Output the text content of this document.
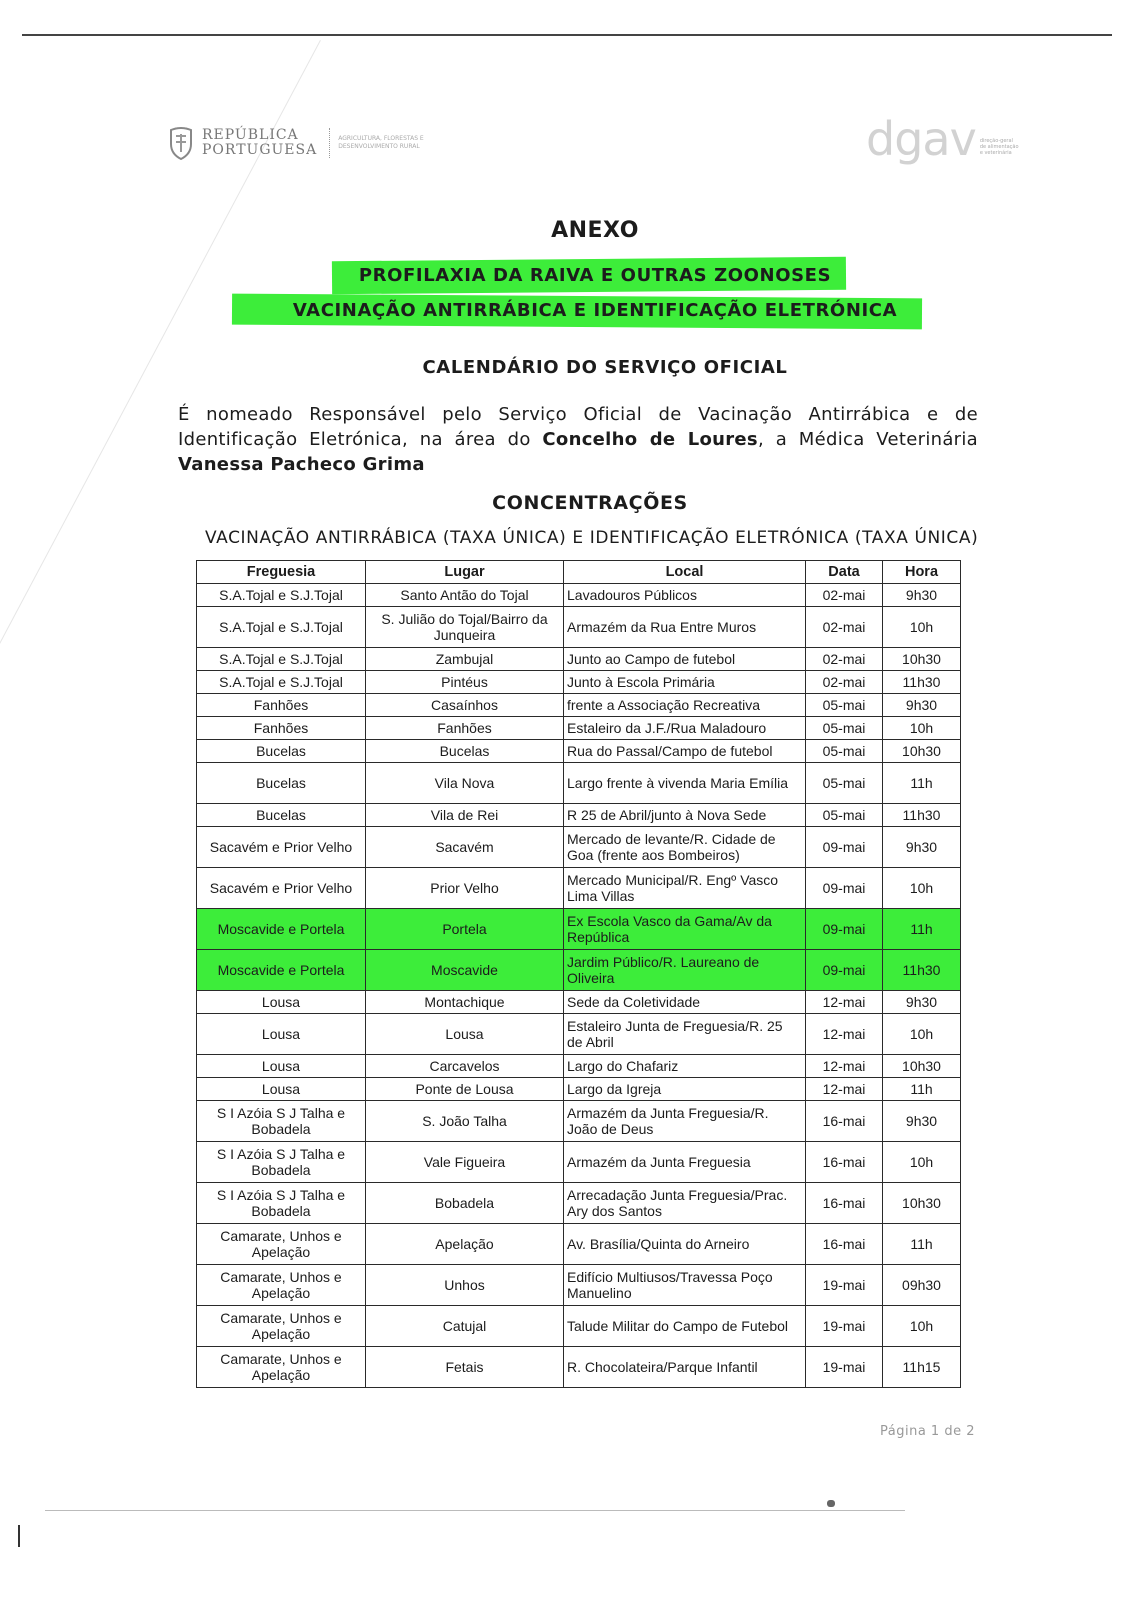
REPÚBLICA
PORTUGUESA
AGRICULTURA, FLORESTAS E DESENVOLVIMENTO RURAL	dgav direção-geral de alimentação e veterinária
ANEXO
PROFILAXIA DA RAIVA E OUTRAS ZOONOSES
VACINAÇÃO ANTIRRÁBICA E IDENTIFICAÇÃO ELETRÓNICA
CALENDÁRIO DO SERVIÇO OFICIAL
É nomeado Responsável pelo Serviço Oficial de Vacinação Antirrábica e de Identificação Eletrónica, na área do Concelho de Loures, a Médica Veterinária Vanessa Pacheco Grima
CONCENTRAÇÕES
VACINAÇÃO ANTIRRÁBICA (TAXA ÚNICA) E IDENTIFICAÇÃO ELETRÓNICA (TAXA ÚNICA)
Freguesia	Lugar	Local	Data	Hora
S.A.Tojal e S.J.Tojal	Santo Antão do Tojal	Lavadouros Públicos	02-mai	9h30
S.A.Tojal e S.J.Tojal	S. Julião do Tojal/Bairro da Junqueira	Armazém da Rua Entre Muros	02-mai	10h
S.A.Tojal e S.J.Tojal	Zambujal	Junto ao Campo de futebol	02-mai	10h30
S.A.Tojal e S.J.Tojal	Pintéus	Junto à Escola Primária	02-mai	11h30
Fanhões	Casaínhos	frente a Associação Recreativa	05-mai	9h30
Fanhões	Fanhões	Estaleiro da J.F./Rua Maladouro	05-mai	10h
Bucelas	Bucelas	Rua do Passal/Campo de futebol	05-mai	10h30
Bucelas	Vila Nova	Largo frente à vivenda Maria Emília	05-mai	11h
Bucelas	Vila de Rei	R 25 de Abril/junto à Nova Sede	05-mai	11h30
Sacavém e Prior Velho	Sacavém	Mercado de levante/R. Cidade de Goa (frente aos Bombeiros)	09-mai	9h30
Sacavém e Prior Velho	Prior Velho	Mercado Municipal/R. Engº Vasco Lima Villas	09-mai	10h
Moscavide e Portela	Portela	Ex Escola Vasco da Gama/Av da República	09-mai	11h
Moscavide e Portela	Moscavide	Jardim Público/R. Laureano de Oliveira	09-mai	11h30
Lousa	Montachique	Sede da Coletividade	12-mai	9h30
Lousa	Lousa	Estaleiro Junta de Freguesia/R. 25 de Abril	12-mai	10h
Lousa	Carcavelos	Largo do Chafariz	12-mai	10h30
Lousa	Ponte de Lousa	Largo da Igreja	12-mai	11h
S I Azóia S J Talha e Bobadela	S. João Talha	Armazém da Junta Freguesia/R. João de Deus	16-mai	9h30
S I Azóia S J Talha e Bobadela	Vale Figueira	Armazém da Junta Freguesia	16-mai	10h
S I Azóia S J Talha e Bobadela	Bobadela	Arrecadação Junta Freguesia/Prac. Ary dos Santos	16-mai	10h30
Camarate, Unhos e Apelação	Apelação	Av. Brasília/Quinta do Arneiro	16-mai	11h
Camarate, Unhos e Apelação	Unhos	Edifício Multiusos/Travessa Poço Manuelino	19-mai	09h30
Camarate, Unhos e Apelação	Catujal	Talude Militar do Campo de Futebol	19-mai	10h
Camarate, Unhos e Apelação	Fetais	R. Chocolateira/Parque Infantil	19-mai	11h15
Página 1 de 2
